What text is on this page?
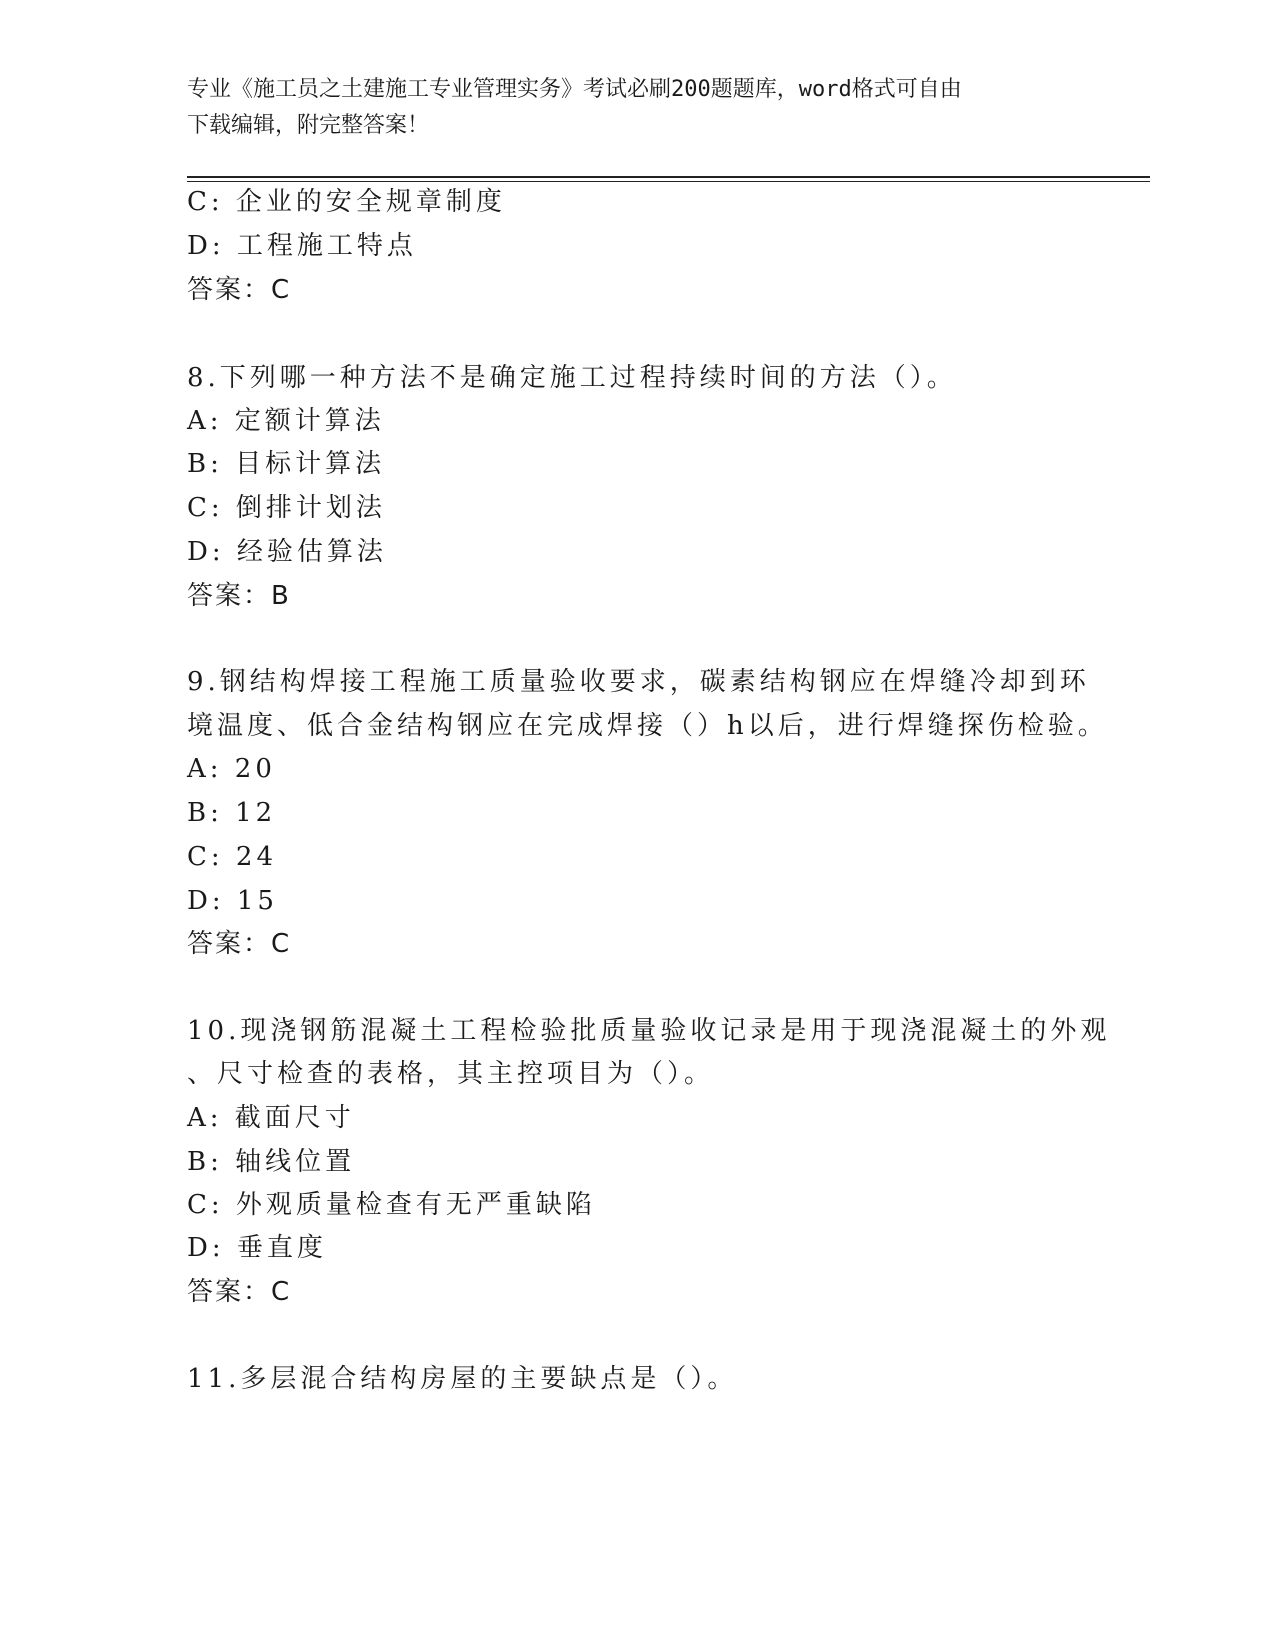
专业《施工员之土建施工专业管理实务》考试必刷200题题库，word格式可自由
下载编辑，附完整答案！
C: 企业的安全规章制度
D: 工程施工特点
答案：C
8.下列哪一种方法不是确定施工过程持续时间的方法（）。
A: 定额计算法
B: 目标计算法
C: 倒排计划法
D: 经验估算法
答案：B
9.钢结构焊接工程施工质量验收要求，碳素结构钢应在焊缝冷却到环
境温度、低合金结构钢应在完成焊接（）h以后，进行焊缝探伤检验。
A: 20
B: 12
C: 24
D: 15
答案：C
10.现浇钢筋混凝土工程检验批质量验收记录是用于现浇混凝土的外观
、尺寸检查的表格，其主控项目为（）。
A: 截面尺寸
B: 轴线位置
C: 外观质量检查有无严重缺陷
D: 垂直度
答案：C
11.多层混合结构房屋的主要缺点是（）。
